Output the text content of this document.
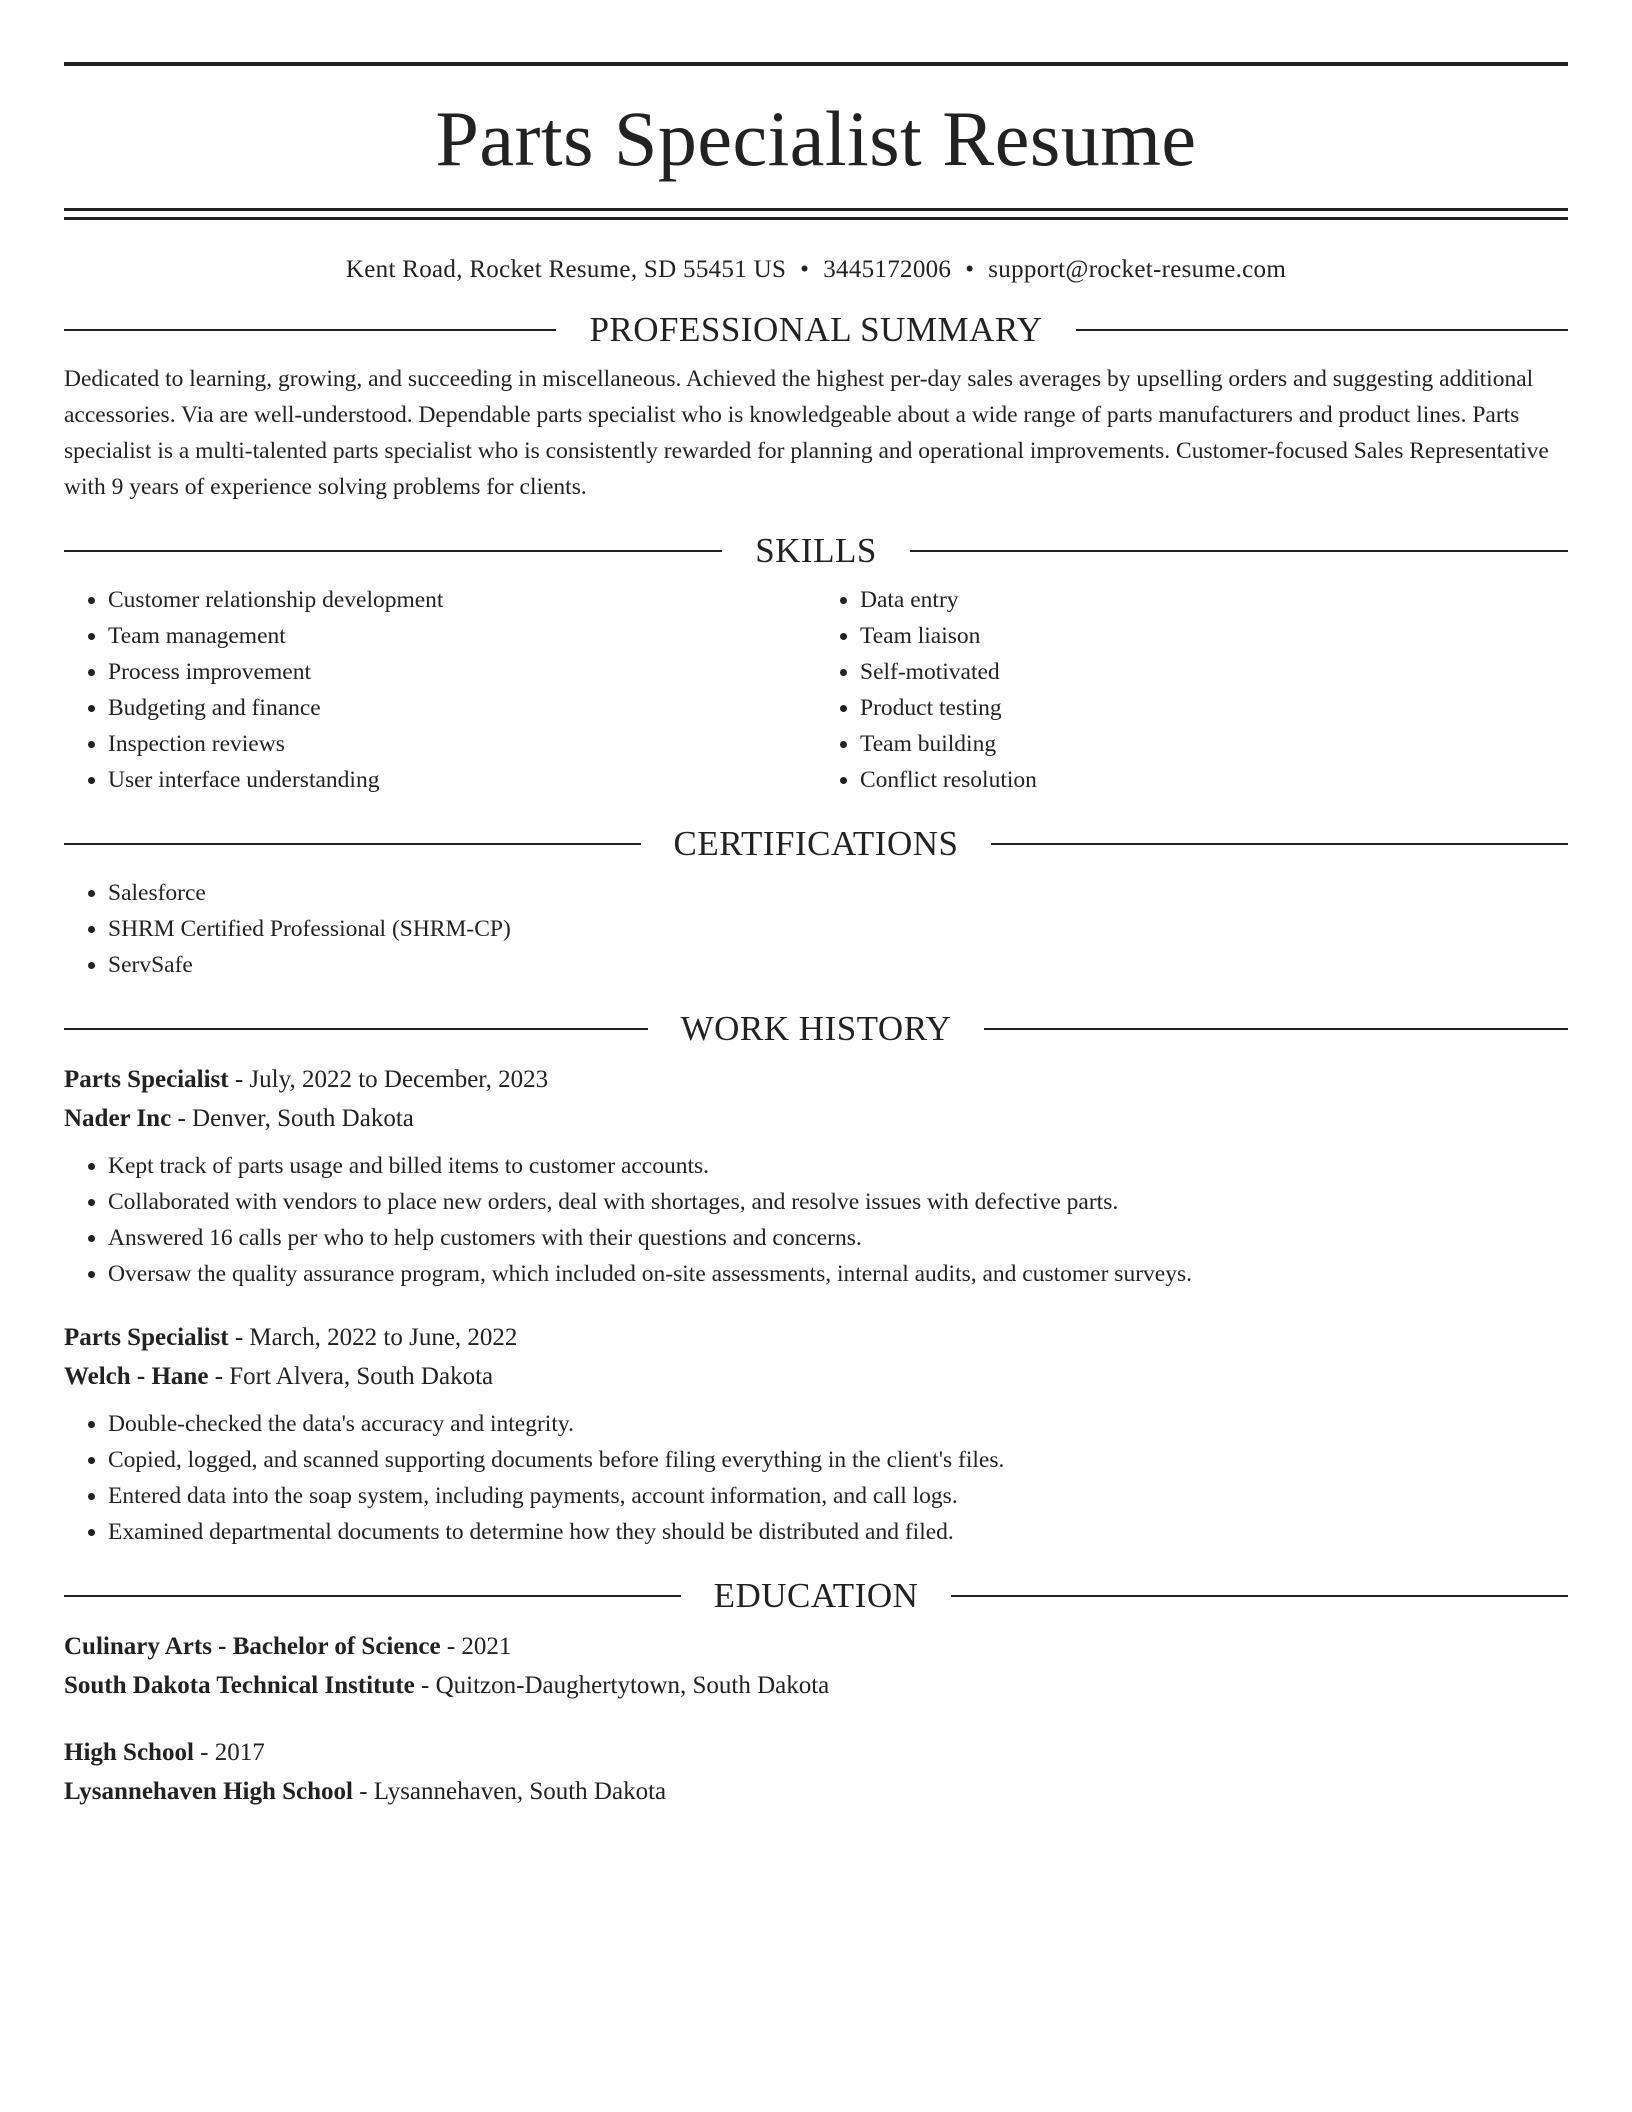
Parts Specialist Resume
Kent Road, Rocket Resume, SD 55451 US • 3445172006 • support@rocket-resume.com
PROFESSIONAL SUMMARY

Dedicated to learning, growing, and succeeding in miscellaneous. Achieved the highest per-day sales averages by upselling orders and suggesting additional accessories. Via are well-understood. Dependable parts specialist who is knowledgeable about a wide range of parts manufacturers and product lines. Parts specialist is a multi-talented parts specialist who is consistently rewarded for planning and operational improvements. Customer-focused Sales Representative with 9 years of experience solving problems for clients.

SKILLS
• Customer relationship development
• Team management
• Process improvement
• Budgeting and finance
• Inspection reviews
• User interface understanding
• Data entry
• Team liaison
• Self-motivated
• Product testing
• Team building
• Conflict resolution
CERTIFICATIONS
• Salesforce
• SHRM Certified Professional (SHRM-CP)
• ServSafe
WORK HISTORY

Parts Specialist - July, 2022 to December, 2023

Nader Inc - Denver, South Dakota

• Kept track of parts usage and billed items to customer accounts.
• Collaborated with vendors to place new orders, deal with shortages, and resolve issues with defective parts.
• Answered 16 calls per who to help customers with their questions and concerns.
• Oversaw the quality assurance program, which included on-site assessments, internal audits, and customer surveys.

Parts Specialist - March, 2022 to June, 2022

Welch - Hane - Fort Alvera, South Dakota

• Double-checked the data's accuracy and integrity.
• Copied, logged, and scanned supporting documents before filing everything in the client's files.
• Entered data into the soap system, including payments, account information, and call logs.
• Examined departmental documents to determine how they should be distributed and filed.
EDUCATION

Culinary Arts - Bachelor of Science - 2021

South Dakota Technical Institute - Quitzon-Daughertytown, South Dakota

High School - 2017

Lysannehaven High School - Lysannehaven, South Dakota
